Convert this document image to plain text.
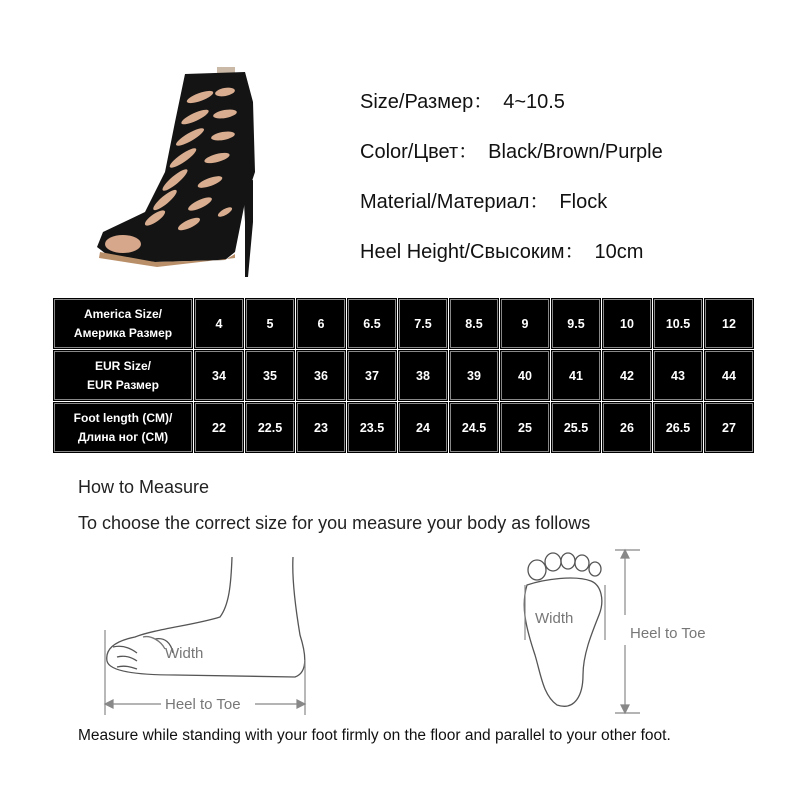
Size/Размер： 4~10.5
Color/Цвет： Black/Brown/Purple
Material/Материал： Flock
Heel Height/Свысоким： 10cm
America Size/
Америка Размер	4	5	6	6.5	7.5	8.5	9	9.5	10	10.5	12
EUR Size/
EUR Размер	34	35	36	37	38	39	40	41	42	43	44
Foot length (CM)/
Длина ног (CM)	22	22.5	23	23.5	24	24.5	25	25.5	26	26.5	27
How to Measure
To choose the correct size for you measure your body as follows
Width
Heel to Toe
Width
Heel to Toe
Measure while standing with your foot firmly on the floor and parallel to your other foot.
